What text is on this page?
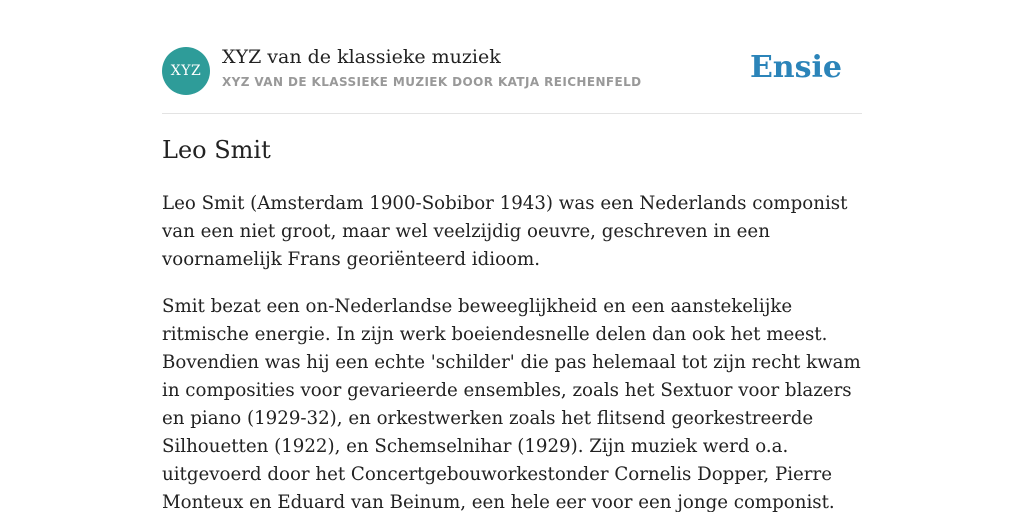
XYZ
XYZ van de klassieke muziek
XYZ VAN DE KLASSIEKE MUZIEK DOOR KATJA REICHENFELD	Ensie
Leo Smit

Leo Smit (Amsterdam 1900-Sobibor 1943) was een Nederlands componist van een niet groot, maar wel veelzijdig oeuvre, geschreven in een voornamelijk Frans georiënteerd idioom.

Smit bezat een on-Nederlandse beweeglijkheid en een aanstekelijke ritmische energie. In zijn werk boeiendesnelle delen dan ook het meest. Bovendien was hij een echte 'schilder' die pas helemaal tot zijn recht kwam in composities voor gevarieerde ensembles, zoals het Sextuor voor blazers en piano (1929-32), en orkestwerken zoals het flitsend georkestreerde Silhouetten (1922), en Schemselnihar (1929). Zijn muziek werd o.a. uitgevoerd door het Concertgebouworkestonder Cornelis Dopper, Pierre Monteux en Eduard van Beinum, een hele eer voor een jonge componist.
